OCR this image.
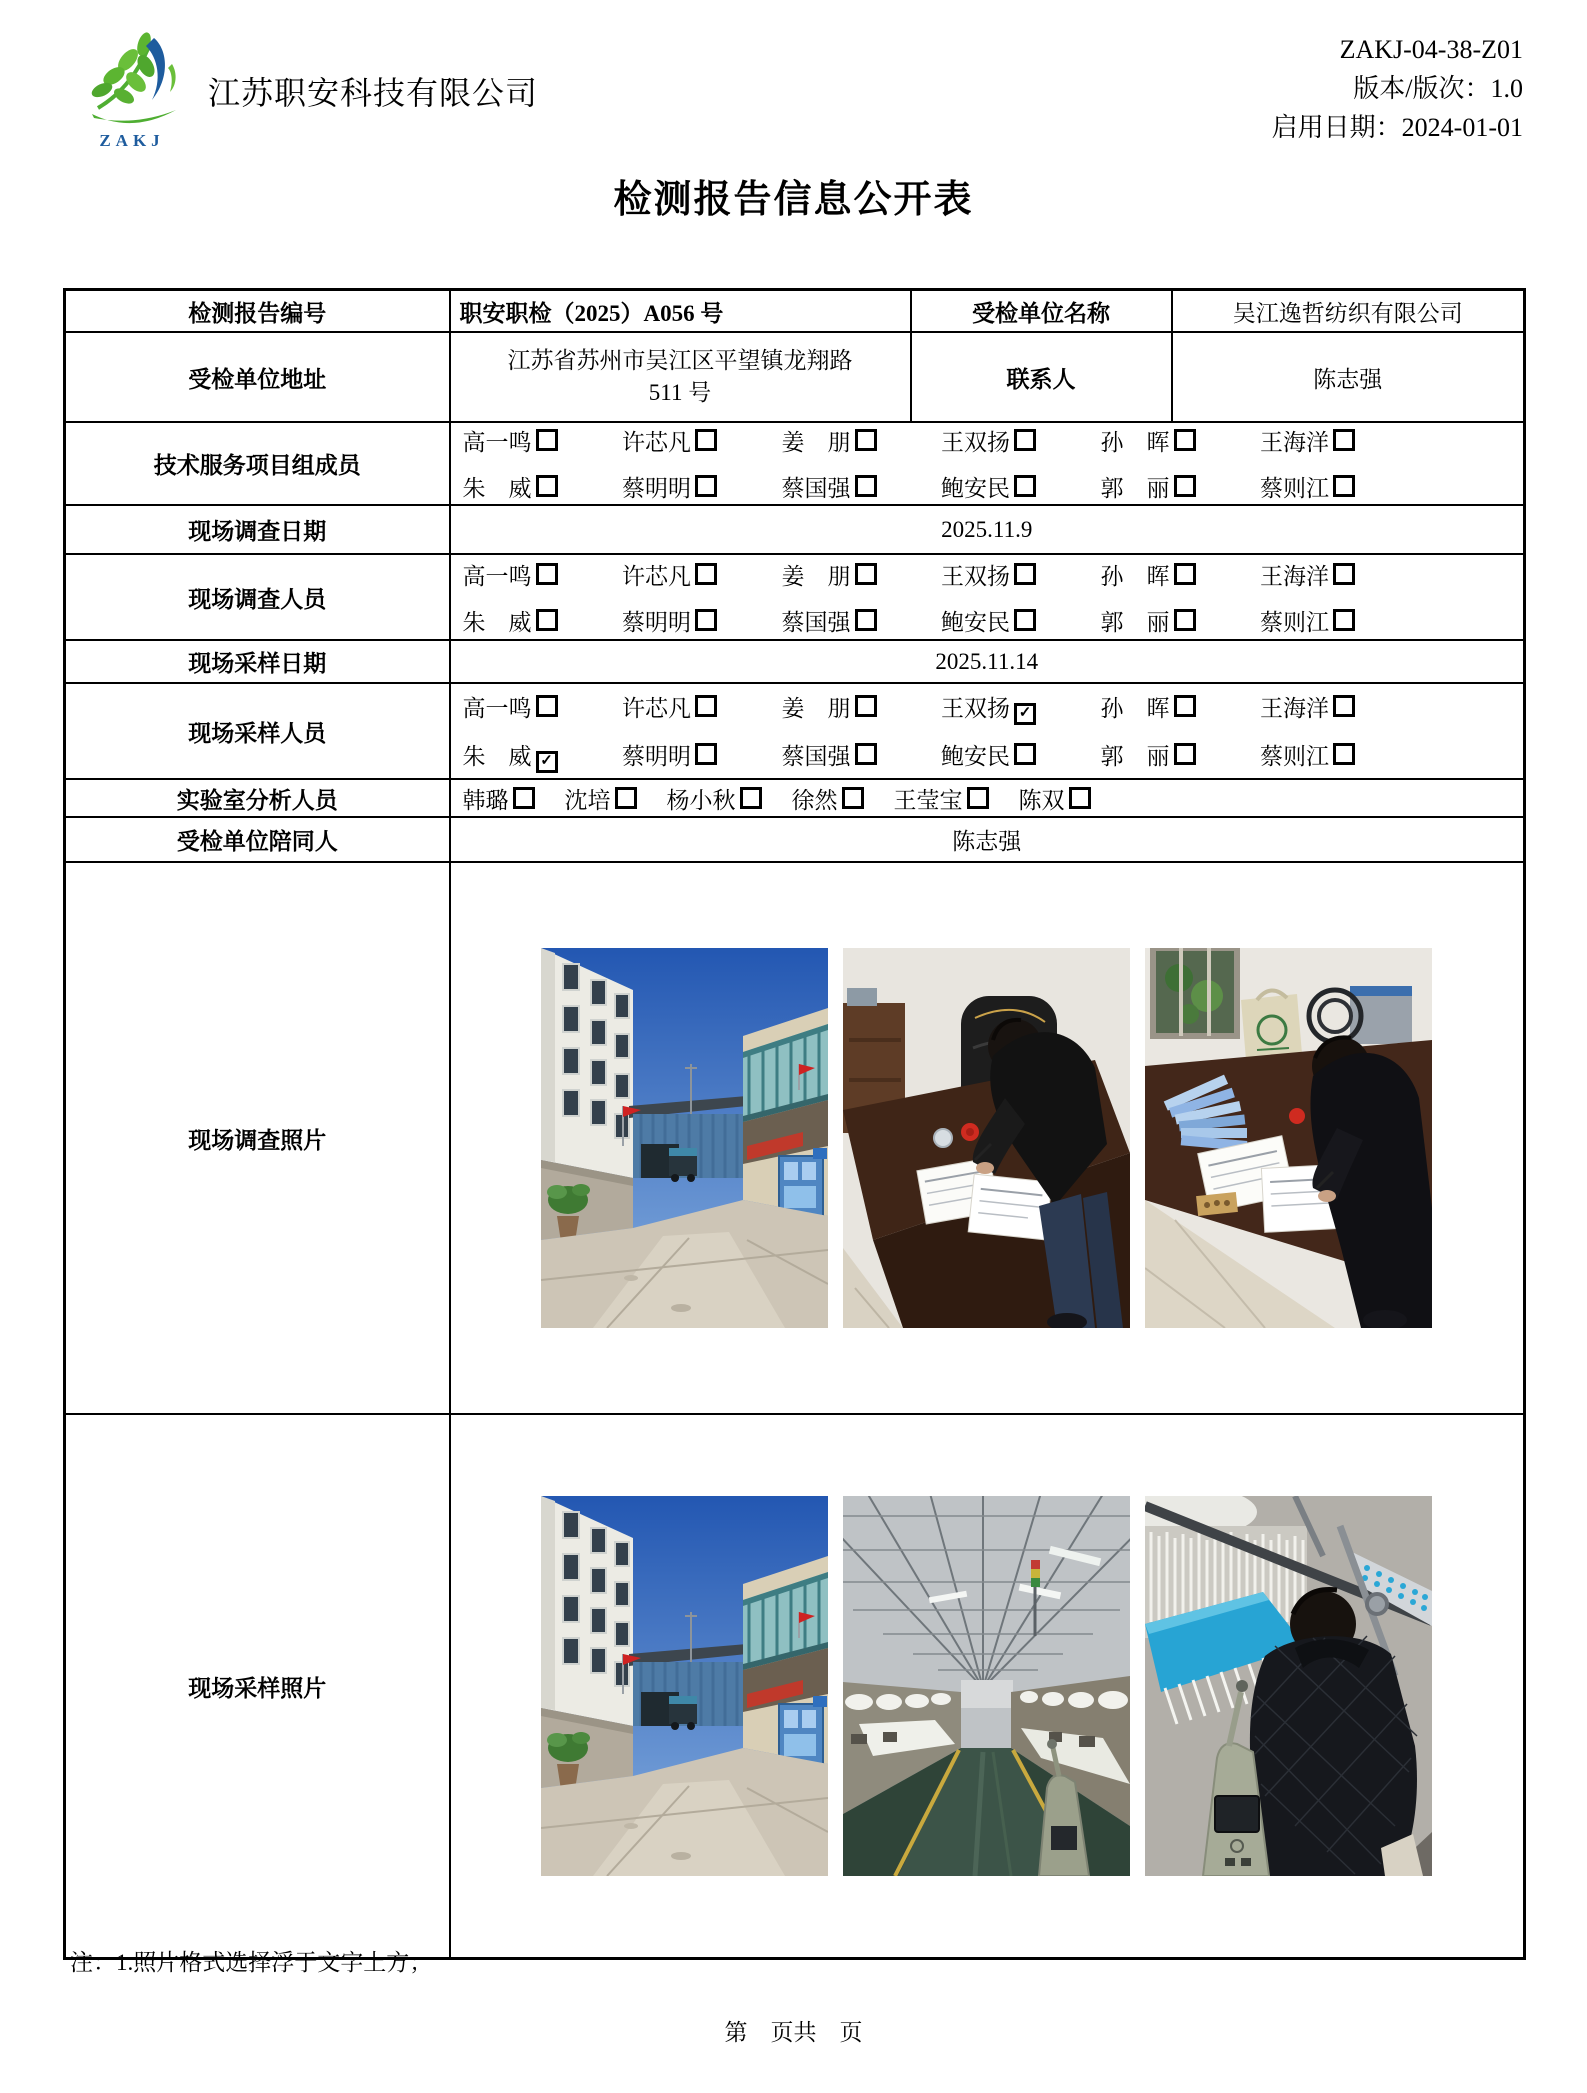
ZAKJ
江苏职安科技有限公司
ZAKJ-04-38-Z01
版本/版次：1.0
启用日期：2024-01-01
检测报告信息公开表
检测报告编号	职安职检（2025）A056 号	受检单位名称	吴江逸哲纺织有限公司
受检单位地址	江苏省苏州市吴江区平望镇龙翔路
511 号	联系人	陈志强
技术服务项目组成员	
高一鸣	许芯凡	姜　朋	王双扬	孙　晖	王海洋
朱　威	蔡明明	蔡国强	鲍安民	郭　丽	蔡则江

现场调查日期	2025.11.9		
现场调查人员	
高一鸣	许芯凡	姜　朋	王双扬	孙　晖	王海洋
朱　威	蔡明明	蔡国强	鲍安民	郭　丽	蔡则江

现场采样日期	2025.11.14		
现场采样人员	
高一鸣	许芯凡	姜　朋	王双扬 ✓	孙　晖	王海洋
朱　威 ✓	蔡明明	蔡国强	鲍安民	郭　丽	蔡则江

实验室分析人员	韩璐	沈培	杨小秋	徐然	王莹宝	陈双

受检单位陪同人	陈志强		
现场调查照片	

现场采样照片	
注：1.照片格式选择浮于文字上方；
第　页共　页
